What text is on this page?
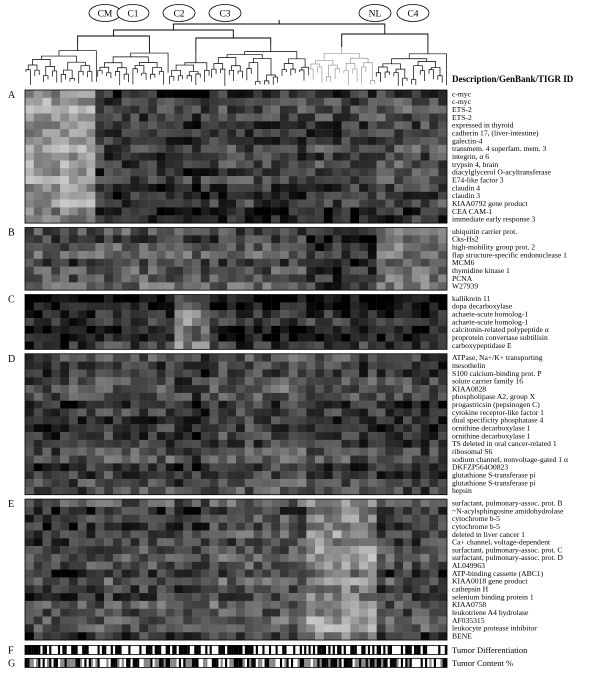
CM C1	C2	C3	NL	C4
Description/GenBank/TIGR ID
c-myc
c-myc
ETS-2
ETS-2
expressed in thyroid
cadherin 17, (liver-intestine)
galectin-4
transmem. 4 superfam. mem. 3
integrin, α 6
trypsin 4, brain
diacylglycerol O-acyltransferase
E74-like factor 3
claudin 4
claudin 3
KIAA0792 gene product
CEA CAM-1
immediate early response 3
A
ubiquitin carrier prot.
Cks-Hs2
high-mobility group prot. 2
flap structure-specific endonuclease 1
MCM6
thymidine kinase 1
PCNA
W27939
B
kallikrein 11
dopa decarboxylase
achaete-scute homolog-1
achaete-scute homolog-1
calcitonin-related polypeptide α
proprotein convertase subtilisin
carboxypeptidase E
C
ATPase, Na+/K+ transporting
mesothelin
S100 calcium-binding prot. P
solute carrier family 16
KIAA0828
phospholipase A2, group X
progastricsin (pepsinogen C)
cytokine receptor-like factor 1
dual specificity phosphatase 4
ornithine decarboxylase 1
ornithine decarboxylase 1
TS deleted in oral cancer-related 1
ribosomal S6
sodium channel, nonvoltage-gated 1 α
DKFZP564O0823
glutathione S-transferase pi
glutathione S-transferase pi
hepsin
D
surfactant, pulmonary-assoc. prot. B
~N-acylsphingosine amidohydrolase
cytochrome b-5
cytochrome b-5
deleted in liver cancer 1
Ca+ channel, voltage-dependent
surfactant, pulmonary-assoc. prot. C
surfactant, pulmonary-assoc. prot. D
AL049963
ATP-binding cassette (ABC1)
KIAA0018 gene product
cathepsin H
selenium binding protein 1
KIAA0758
leukotriene A4 hydrolase
AF035315
leukocyte protease inhibitor
BENE
E
F	Tumor Differentiation
G	Tumor Content %
